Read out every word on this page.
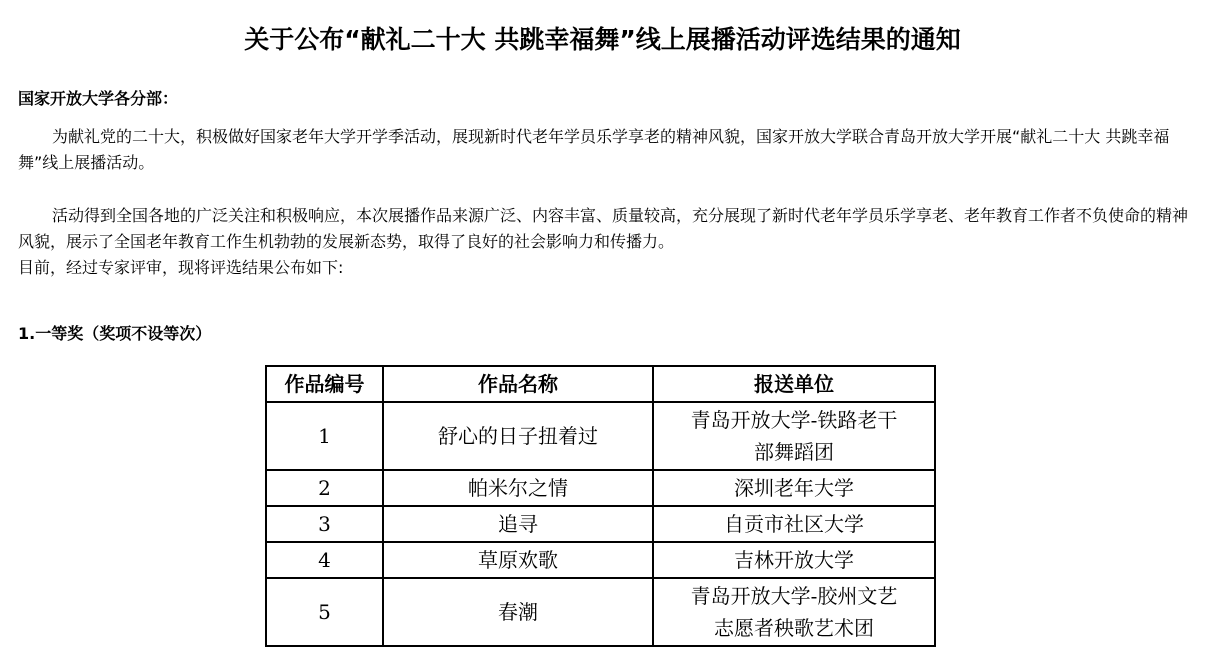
关于公布“献礼二十大 共跳幸福舞”线上展播活动评选结果的通知

国家开放大学各分部：

为献礼党的二十大，积极做好国家老年大学开学季活动，展现新时代老年学员乐学享老的精神风貌，国家开放大学联合青岛开放大学开展“献礼二十大 共跳幸福舞”线上展播活动。

活动得到全国各地的广泛关注和积极响应，本次展播作品来源广泛、内容丰富、质量较高，充分展现了新时代老年学员乐学享老、老年教育工作者不负使命的精神风貌，展示了全国老年教育工作生机勃勃的发展新态势，取得了良好的社会影响力和传播力。

目前，经过专家评审，现将评选结果公布如下:

1.一等奖（奖项不设等次）

作品编号	作品名称	报送单位
1	舒心的日子扭着过	青岛开放大学-铁路老干
部舞蹈团

2	帕米尔之情	深圳老年大学
3	追寻	自贡市社区大学
4	草原欢歌	吉林开放大学
5	春潮	青岛开放大学-胶州文艺
志愿者秧歌艺术团
